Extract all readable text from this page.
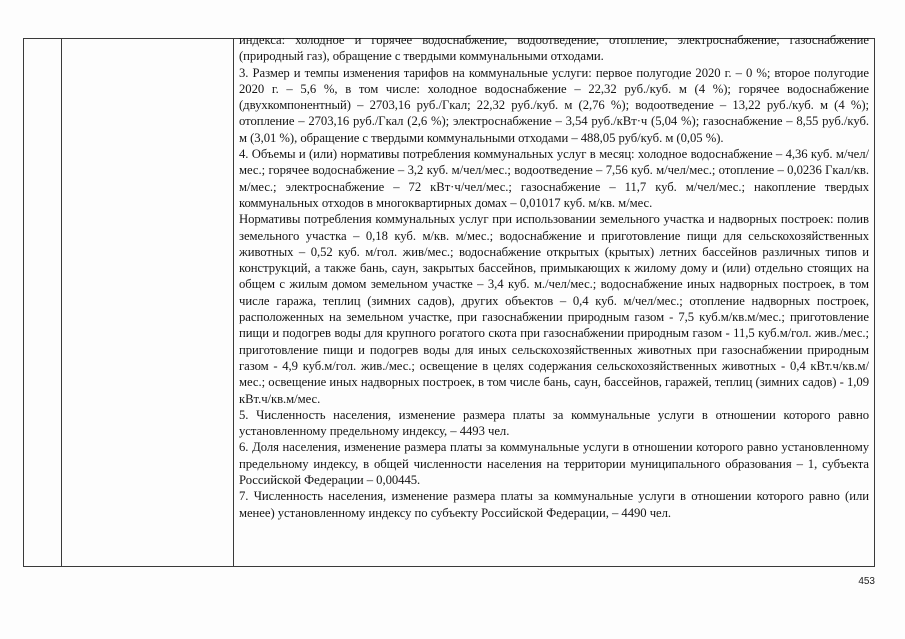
индекса: холодное и горячее водоснабжение, водоотведение, отопление, электроснабжение, газоснабжение (природный газ), обращение с твердыми коммунальными отходами.

3. Размер и темпы изменения тарифов на коммунальные услуги: первое полугодие 2020 г. – 0 %; второе полугодие 2020 г. – 5,6 %, в том числе: холодное водоснабжение – 22,32 руб./куб. м (4 %); горячее водоснабжение (двухкомпонентный) – 2703,16 руб./Гкал; 22,32 руб./куб. м (2,76 %); водоотведение – 13,22 руб./куб. м (4 %); отопление – 2703,16 руб./Гкал (2,6 %); электроснабжение – 3,54 руб./кВт·ч (5,04 %); газоснабжение – 8,55 руб./куб. м (3,01 %), обращение с твердыми коммунальными отходами – 488,05 руб/куб. м (0,05 %).

4. Объемы и (или) нормативы потребления коммунальных услуг в месяц: холодное водоснабжение – 4,36 куб. м/чел/мес.; горячее водоснабжение – 3,2 куб. м/чел/мес.; водоотведение – 7,56 куб. м/чел/мес.; отопление – 0,0236 Гкал/кв. м/мес.; электроснабжение – 72 кВт·ч/чел/мес.; газоснабжение – 11,7 куб. м/чел/мес.; накопление твердых коммунальных отходов в многоквартирных домах – 0,01017 куб. м/кв. м/мес.

Нормативы потребления коммунальных услуг при использовании земельного участка и надворных построек: полив земельного участка – 0,18 куб. м/кв. м/мес.; водоснабжение и приготовление пищи для сельскохозяйственных животных – 0,52 куб. м/гол. жив/мес.; водоснабжение открытых (крытых) летних бассейнов различных типов и конструкций, а также бань, саун, закрытых бассейнов, примыкающих к жилому дому и (или) отдельно стоящих на общем с жилым домом земельном участке – 3,4 куб. м./чел/мес.; водоснабжение иных надворных построек, в том числе гаража, теплиц (зимних садов), других объектов – 0,4 куб. м/чел/мес.; отопление надворных построек, расположенных на земельном участке, при газоснабжении природным газом - 7,5 куб.м/кв.м/мес.; приготовление пищи и подогрев воды для крупного рогатого скота при газоснабжении природным газом - 11,5 куб.м/гол. жив./мес.; приготовление пищи и подогрев воды для иных сельскохозяйственных животных при газоснабжении природным газом - 4,9 куб.м/гол. жив./мес.; освещение в целях содержания сельскохозяйственных животных - 0,4 кВт.ч/кв.м/мес.; освещение иных надворных построек, в том числе бань, саун, бассейнов, гаражей, теплиц (зимних садов) - 1,09 кВт.ч/кв.м/мес.

5. Численность населения, изменение размера платы за коммунальные услуги в отношении которого равно установленному предельному индексу, – 4493 чел.

6. Доля населения, изменение размера платы за коммунальные услуги в отношении которого равно установленному предельному индексу, в общей численности населения на территории муниципального образования – 1, субъекта Российской Федерации – 0,00445.

7. Численность населения, изменение размера платы за коммунальные услуги в отношении которого равно (или менее) установленному индексу по субъекту Российской Федерации, – 4490 чел.

453
